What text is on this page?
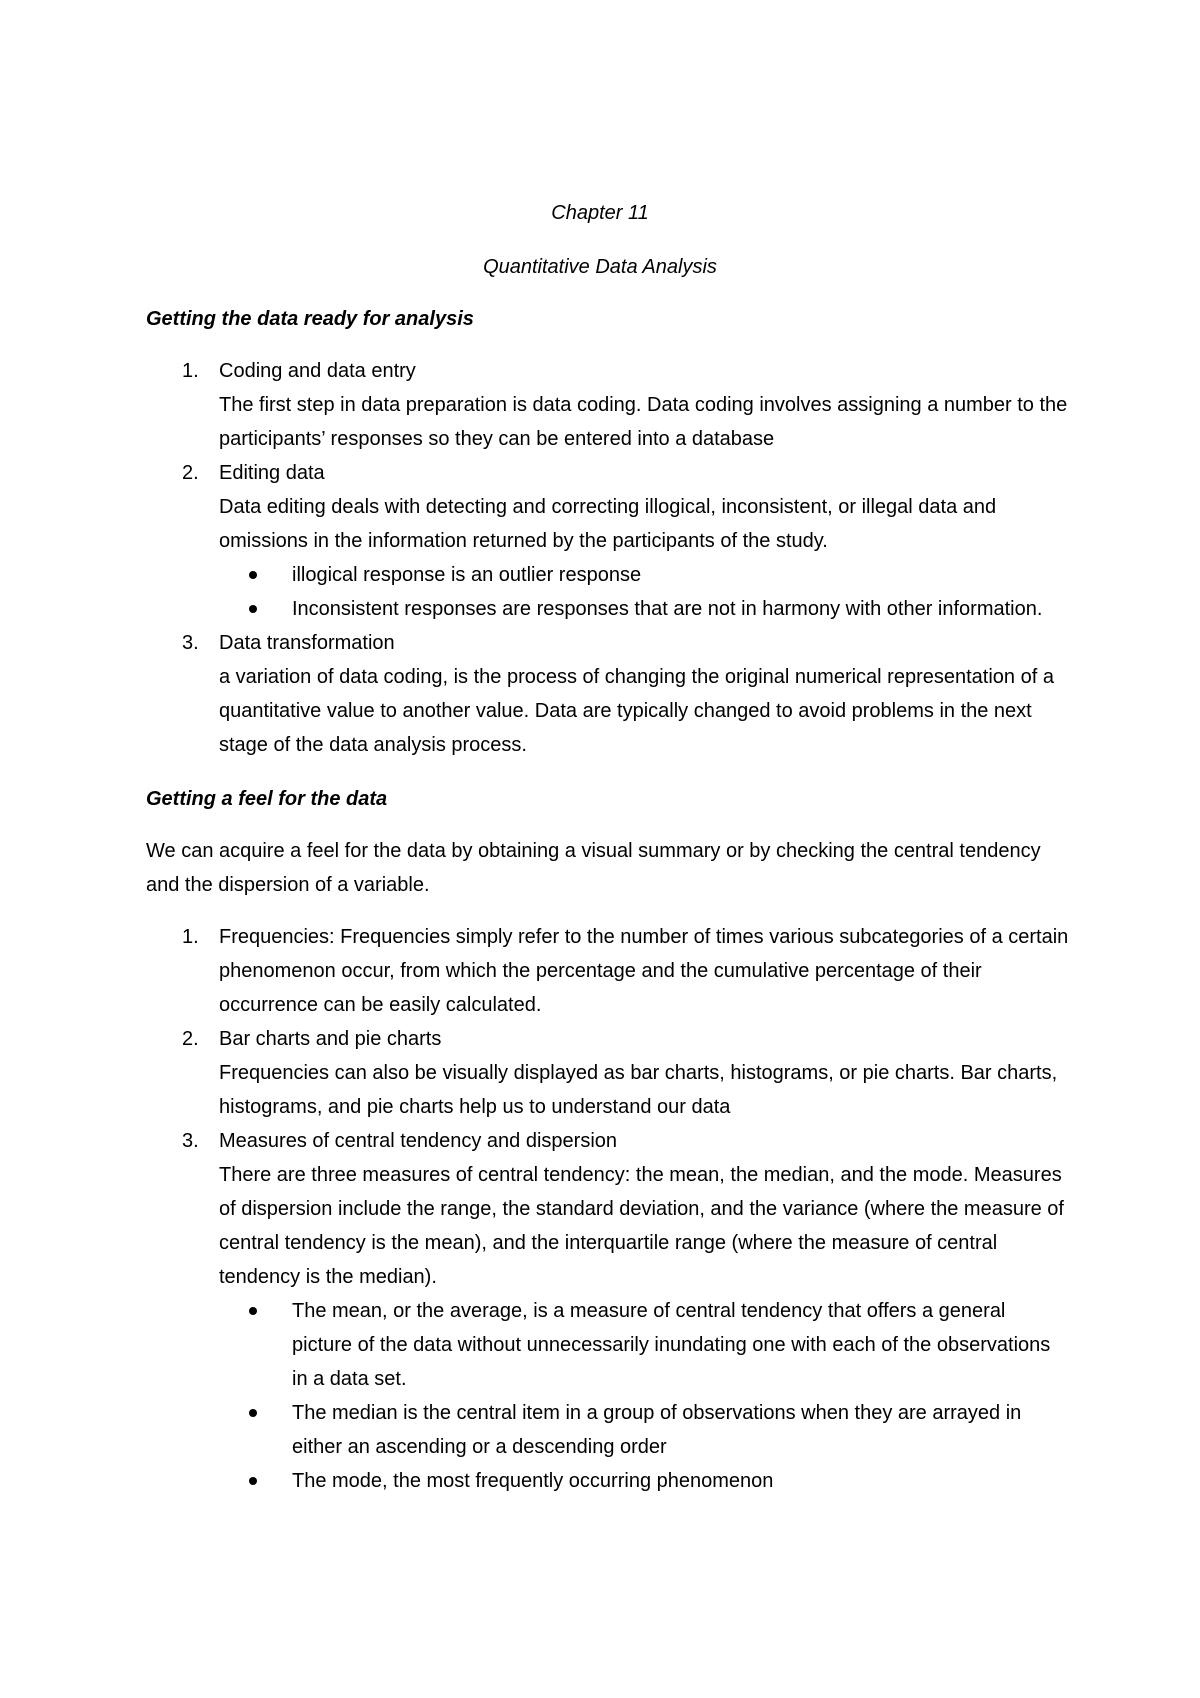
Chapter 11

Quantitative Data Analysis

Getting the data ready for analysis

1. Coding and data entry
The first step in data preparation is data coding. Data coding involves assigning a number to the participants’ responses so they can be entered into a database
2. Editing data
Data editing deals with detecting and correcting illogical, inconsistent, or illegal data and omissions in the information returned by the participants of the study.
illogical response is an outlier response
Inconsistent responses are responses that are not in harmony with other information.
3. Data transformation
a variation of data coding, is the process of changing the original numerical representation of a quantitative value to another value. Data are typically changed to avoid problems in the next stage of the data analysis process.

Getting a feel for the data

We can acquire a feel for the data by obtaining a visual summary or by checking the central tendency and the dispersion of a variable.

1. Frequencies: Frequencies simply refer to the number of times various subcategories of a certain phenomenon occur, from which the percentage and the cumulative percentage of their occurrence can be easily calculated.
2. Bar charts and pie charts
Frequencies can also be visually displayed as bar charts, histograms, or pie charts. Bar charts, histograms, and pie charts help us to understand our data
3. Measures of central tendency and dispersion
There are three measures of central tendency: the mean, the median, and the mode. Measures of dispersion include the range, the standard deviation, and the variance (where the measure of central tendency is the mean), and the interquartile range (where the measure of central tendency is the median).
The mean, or the average, is a measure of central tendency that offers a general picture of the data without unnecessarily inundating one with each of the observations in a data set.
The median is the central item in a group of observations when they are arrayed in either an ascending or a descending order
The mode, the most frequently occurring phenomenon
